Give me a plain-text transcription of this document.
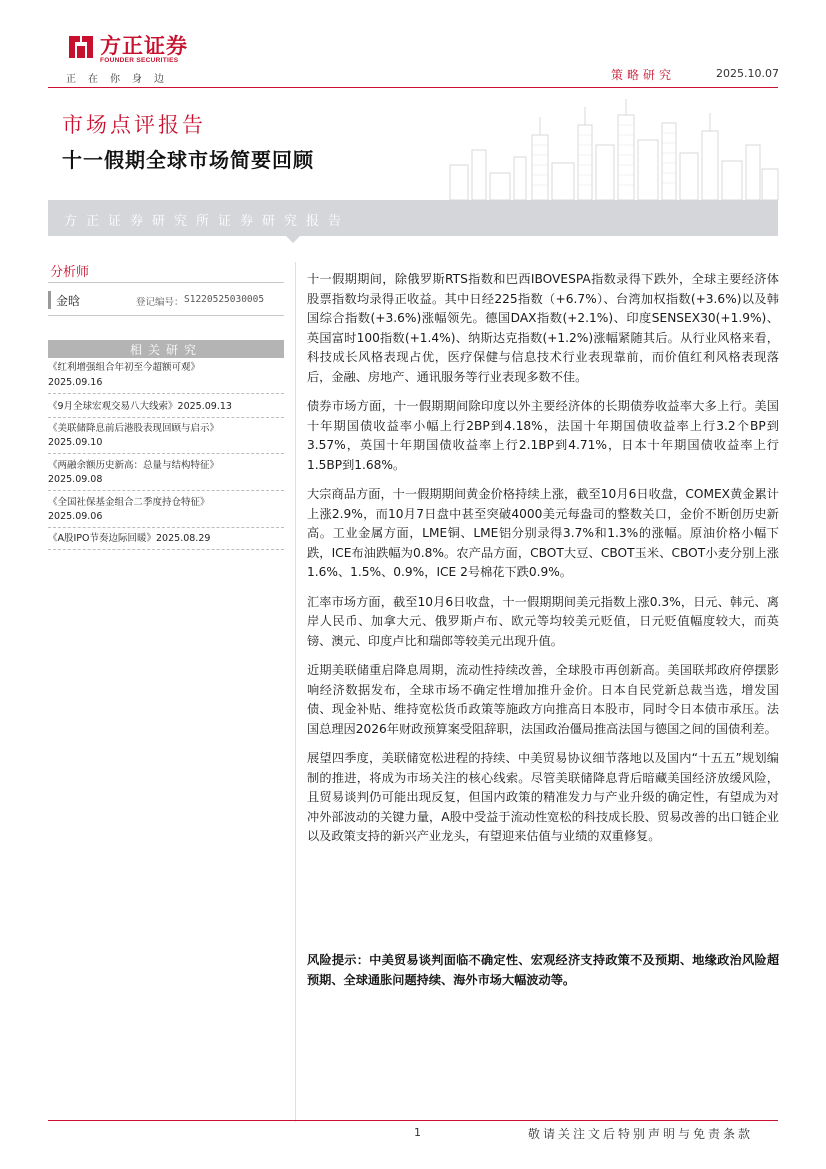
方正证券
FOUNDER SECURITIES
正在你身边	策略研究	2025.10.07
市场点评报告
十一假期全球市场简要回顾
方正证券研究所证券研究报告
分析师
金晗	登记编号： S1220525030005
相关研究
《红利增强组合年初至今超额可观》
2025.09.16
《9月全球宏观交易八大线索》2025.09.13
《美联储降息前后港股表现回顾与启示》
2025.09.10
《两融余额历史新高：总量与结构特征》
2025.09.08
《全国社保基金组合二季度持仓特征》
2025.09.06
《A股IPO节奏边际回暖》2025.08.29

十一假期期间，除俄罗斯RTS指数和巴西IBOVESPA指数录得下跌外，全球主要经济体股票指数均录得正收益。其中日经225指数（+6.7%）、台湾加权指数(+3.6%)以及韩国综合指数(+3.6%)涨幅领先。德国DAX指数(+2.1%)、印度SENSEX30(+1.9%)、英国富时100指数(+1.4%)、纳斯达克指数(+1.2%)涨幅紧随其后。从行业风格来看，科技成长风格表现占优，医疗保健与信息技术行业表现靠前，而价值红利风格表现落后，金融、房地产、通讯服务等行业表现多数不佳。

债券市场方面，十一假期期间除印度以外主要经济体的长期债券收益率大多上行。美国十年期国债收益率小幅上行2BP到4.18%，法国十年期国债收益率上行3.2个BP到3.57%，英国十年期国债收益率上行2.1BP到4.71%，日本十年期国债收益率上行1.5BP到1.68%。

大宗商品方面，十一假期期间黄金价格持续上涨，截至10月6日收盘，COMEX黄金累计上涨2.9%，而10月7日盘中甚至突破4000美元每盎司的整数关口，金价不断创历史新高。工业金属方面，LME铜、LME铝分别录得3.7%和1.3%的涨幅。原油价格小幅下跌，ICE布油跌幅为0.8%。农产品方面，CBOT大豆、CBOT玉米、CBOT小麦分别上涨1.6%、1.5%、0.9%，ICE 2号棉花下跌0.9%。

汇率市场方面，截至10月6日收盘，十一假期期间美元指数上涨0.3%，日元、韩元、离岸人民币、加拿大元、俄罗斯卢布、欧元等均较美元贬值，日元贬值幅度较大，而英镑、澳元、印度卢比和瑞郎等较美元出现升值。

近期美联储重启降息周期，流动性持续改善，全球股市再创新高。美国联邦政府停摆影响经济数据发布，全球市场不确定性增加推升金价。日本自民党新总裁当选，增发国债、现金补贴、维持宽松货币政策等施政方向推高日本股市，同时令日本债市承压。法国总理因2026年财政预算案受阻辞职，法国政治僵局推高法国与德国之间的国债利差。

展望四季度，美联储宽松进程的持续、中美贸易协议细节落地以及国内“十五五”规划编制的推进，将成为市场关注的核心线索。尽管美联储降息背后暗藏美国经济放缓风险，且贸易谈判仍可能出现反复，但国内政策的精准发力与产业升级的确定性，有望成为对冲外部波动的关键力量，A股中受益于流动性宽松的科技成长股、贸易改善的出口链企业以及政策支持的新兴产业龙头，有望迎来估值与业绩的双重修复。

风险提示：中美贸易谈判面临不确定性、宏观经济支持政策不及预期、地缘政治风险超预期、全球通胀问题持续、海外市场大幅波动等。
1	敬请关注文后特别声明与免责条款
